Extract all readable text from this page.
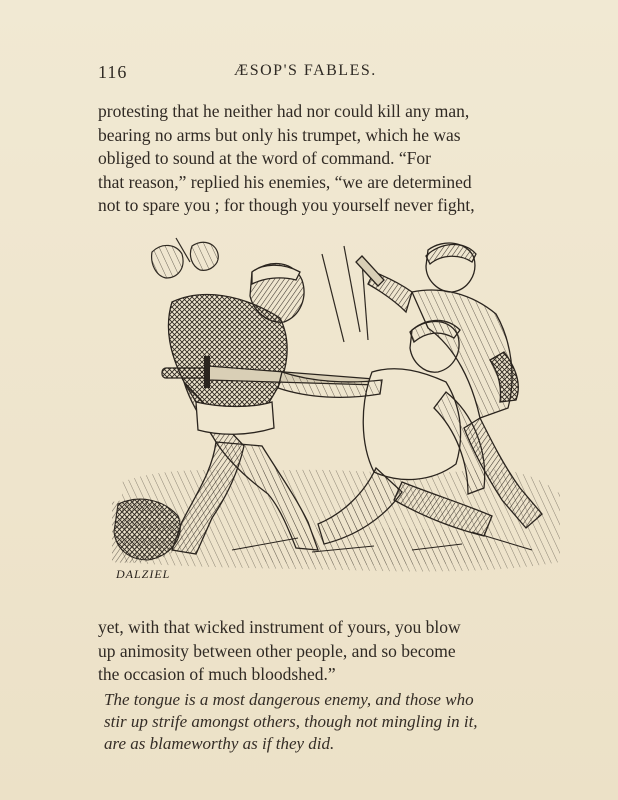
116	ÆSOP'S FABLES.
protesting that he neither had nor could kill any man,
bearing no arms but only his trumpet, which he was
obliged to sound at the word of command. “For
that reason,” replied his enemies, “we are determined
not to spare you ; for though you yourself never fight,
DALZIEL
yet, with that wicked instrument of yours, you blow
up animosity between other people, and so become
the occasion of much bloodshed.”
The tongue is a most dangerous enemy, and those who
stir up strife amongst others, though not mingling in it,
are as blameworthy as if they did.
